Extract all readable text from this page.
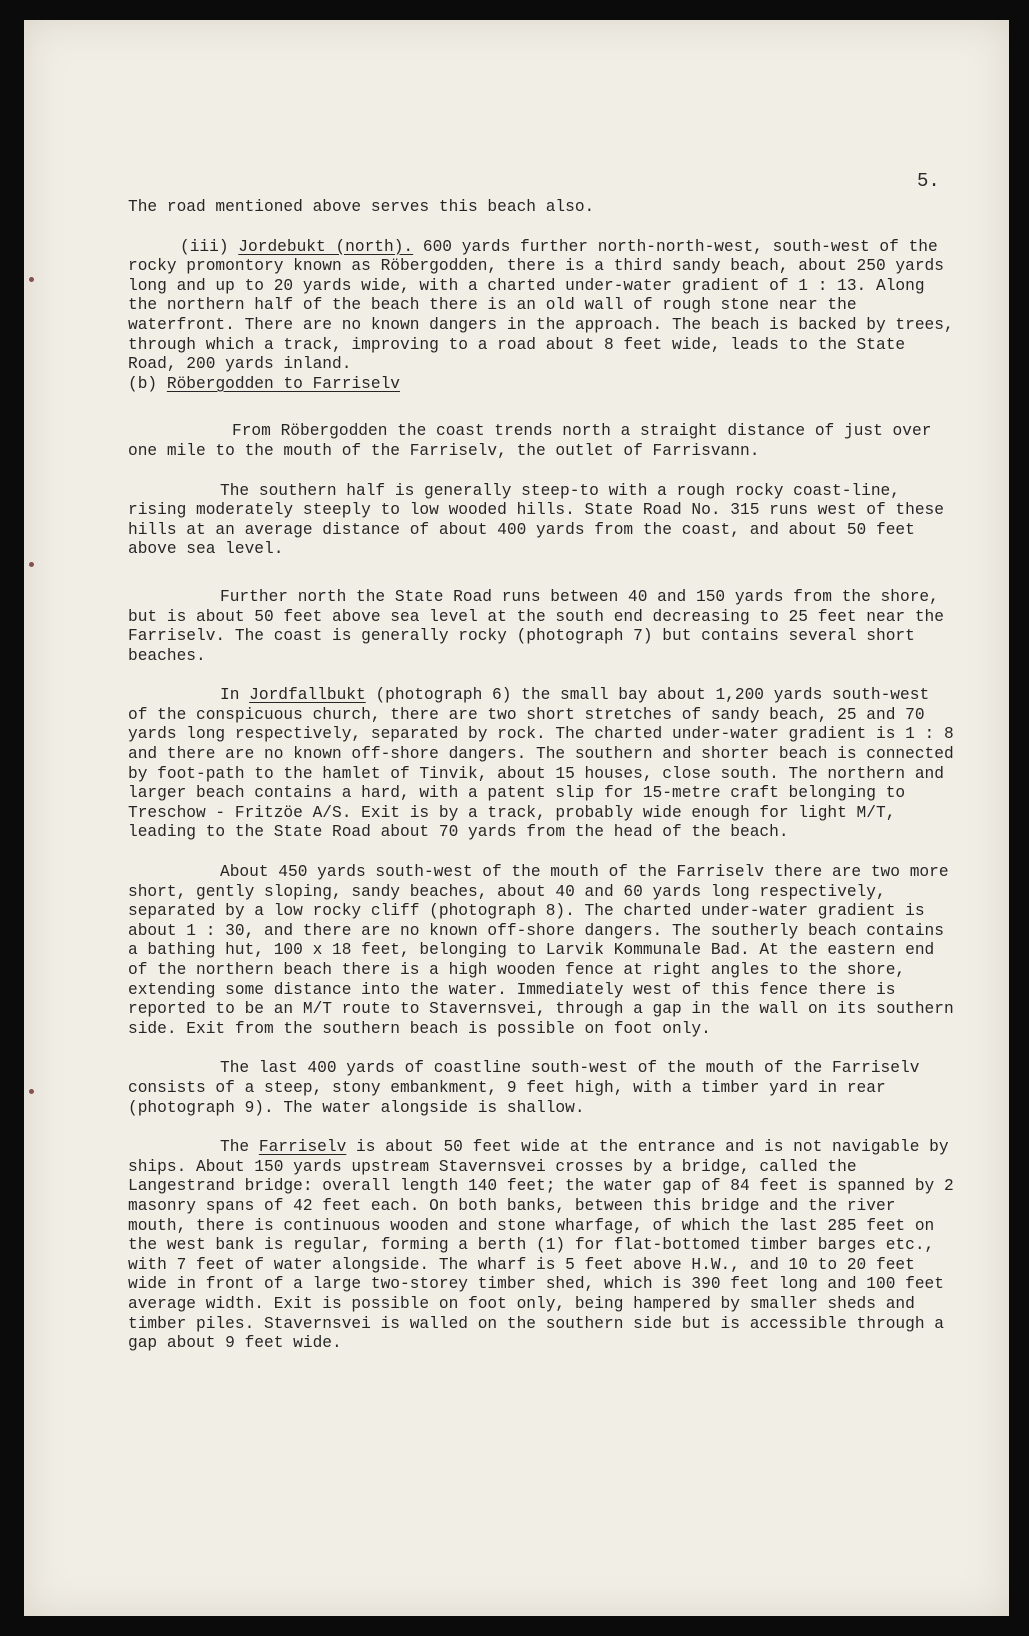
5.

The road mentioned above serves this beach also.

(iii) Jordebukt (north). 600 yards further north-north-west, south-west of the rocky promontory known as Röbergodden, there is a third sandy beach, about 250 yards long and up to 20 yards wide, with a charted under-water gradient of 1 : 13. Along the northern half of the beach there is an old wall of rough stone near the waterfront. There are no known dangers in the approach. The beach is backed by trees, through which a track, improving to a road about 8 feet wide, leads to the State Road, 200 yards inland.

(b) Röbergodden to Farriselv

From Röbergodden the coast trends north a straight distance of just over one mile to the mouth of the Farriselv, the outlet of Farrisvann.

The southern half is generally steep-to with a rough rocky coast-line, rising moderately steeply to low wooded hills. State Road No. 315 runs west of these hills at an average distance of about 400 yards from the coast, and about 50 feet above sea level.

Further north the State Road runs between 40 and 150 yards from the shore, but is about 50 feet above sea level at the south end decreasing to 25 feet near the Farriselv. The coast is generally rocky (photograph 7) but contains several short beaches.

In Jordfallbukt (photograph 6) the small bay about 1,200 yards south-west of the conspicuous church, there are two short stretches of sandy beach, 25 and 70 yards long respectively, separated by rock. The charted under-water gradient is 1 : 8 and there are no known off-shore dangers. The southern and shorter beach is connected by foot-path to the hamlet of Tinvik, about 15 houses, close south. The northern and larger beach contains a hard, with a patent slip for 15-metre craft belonging to Treschow - Fritzöe A/S. Exit is by a track, probably wide enough for light M/T, leading to the State Road about 70 yards from the head of the beach.

About 450 yards south-west of the mouth of the Farriselv there are two more short, gently sloping, sandy beaches, about 40 and 60 yards long respectively, separated by a low rocky cliff (photograph 8). The charted under-water gradient is about 1 : 30, and there are no known off-shore dangers. The southerly beach contains a bathing hut, 100 x 18 feet, belonging to Larvik Kommunale Bad. At the eastern end of the northern beach there is a high wooden fence at right angles to the shore, extending some distance into the water. Immediately west of this fence there is reported to be an M/T route to Stavernsvei, through a gap in the wall on its southern side. Exit from the southern beach is possible on foot only.

The last 400 yards of coastline south-west of the mouth of the Farriselv consists of a steep, stony embankment, 9 feet high, with a timber yard in rear (photograph 9). The water alongside is shallow.

The Farriselv is about 50 feet wide at the entrance and is not navigable by ships. About 150 yards upstream Stavernsvei crosses by a bridge, called the Langestrand bridge: overall length 140 feet; the water gap of 84 feet is spanned by 2 masonry spans of 42 feet each. On both banks, between this bridge and the river mouth, there is continuous wooden and stone wharfage, of which the last 285 feet on the west bank is regular, forming a berth (1) for flat-bottomed timber barges etc., with 7 feet of water alongside. The wharf is 5 feet above H.W., and 10 to 20 feet wide in front of a large two-storey timber shed, which is 390 feet long and 100 feet average width. Exit is possible on foot only, being hampered by smaller sheds and timber piles. Stavernsvei is walled on the southern side but is accessible through a gap about 9 feet wide.
